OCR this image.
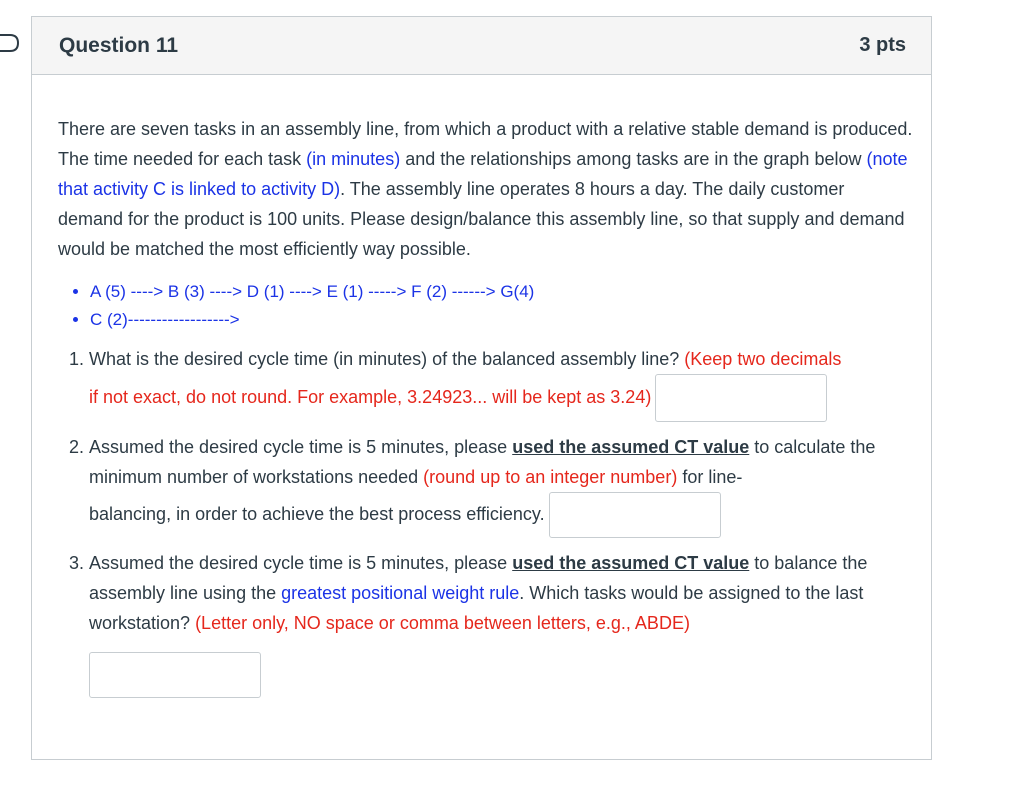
Question 11	3 pts
There are seven tasks in an assembly line, from which a product with a relative stable demand is produced. The time needed for each task (in minutes) and the relationships among tasks are in the graph below (note that activity C is linked to activity D). The assembly line operates 8 hours a day. The daily customer demand for the product is 100 units. Please design/balance this assembly line, so that supply and demand would be matched the most efficiently way possible.
• A (5) ----> B (3) ----> D (1) ----> E (1) -----> F (2) ------> G(4)
• C (2)------------------>
1. What is the desired cycle time (in minutes) of the balanced assembly line? (Keep two decimals
if not exact, do not round. For example, 3.24923... will be kept as 3.24)
2. Assumed the desired cycle time is 5 minutes, please used the assumed CT value to calculate the minimum number of workstations needed (round up to an integer number) for line-
balancing, in order to achieve the best process efficiency.
3. Assumed the desired cycle time is 5 minutes, please used the assumed CT value to balance the assembly line using the greatest positional weight rule. Which tasks would be assigned to the last workstation? (Letter only, NO space or comma between letters, e.g., ABDE)
